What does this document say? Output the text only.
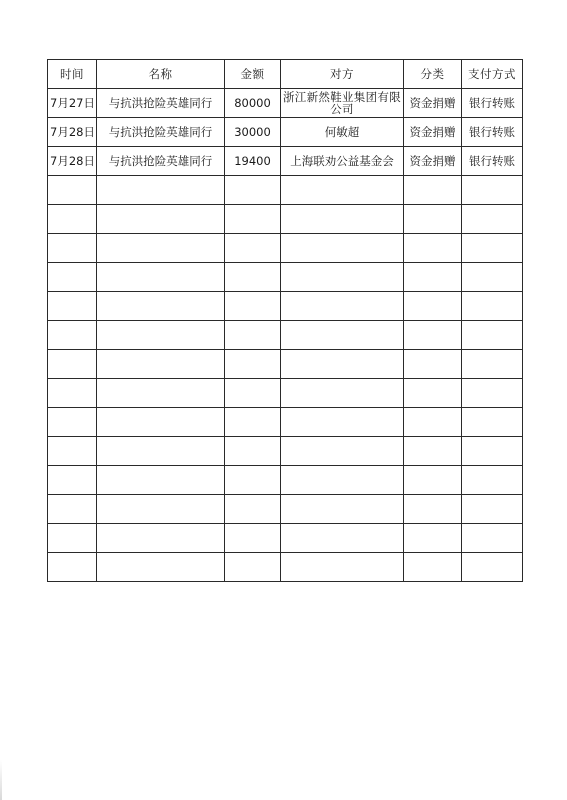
时间	名称	金额	对方	分类	支付方式
7月27日	与抗洪抢险英雄同行	80000	浙江新然鞋业集团有限公司	资金捐赠	银行转账
7月28日	与抗洪抢险英雄同行	30000	何敏超	资金捐赠	银行转账
7月28日	与抗洪抢险英雄同行	19400	上海联劝公益基金会	资金捐赠	银行转账
